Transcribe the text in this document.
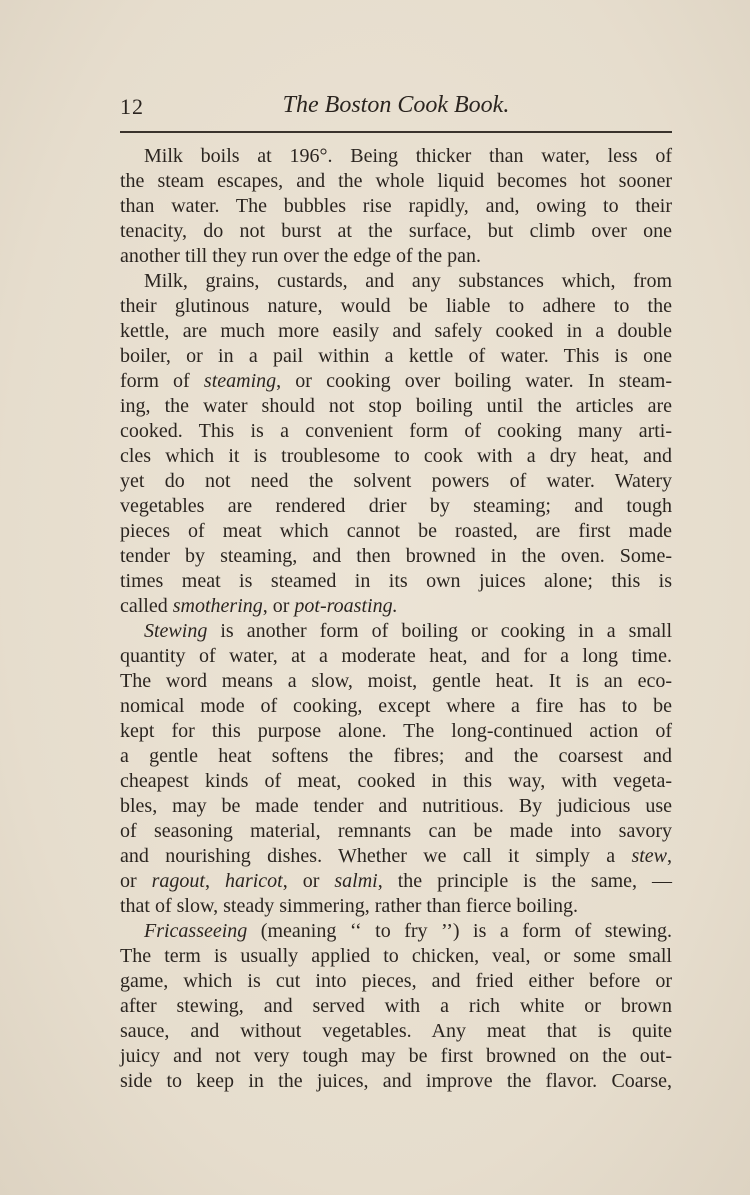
12	The Boston Cook Book.
Milk boils at 196°. Being thicker than water, less of
the steam escapes, and the whole liquid becomes hot sooner
than water. The bubbles rise rapidly, and, owing to their
tenacity, do not burst at the surface, but climb over one
another till they run over the edge of the pan.
Milk, grains, custards, and any substances which, from
their glutinous nature, would be liable to adhere to the
kettle, are much more easily and safely cooked in a double
boiler, or in a pail within a kettle of water. This is one
form of steaming, or cooking over boiling water. In steam-
ing, the water should not stop boiling until the articles are
cooked. This is a convenient form of cooking many arti-
cles which it is troublesome to cook with a dry heat, and
yet do not need the solvent powers of water. Watery
vegetables are rendered drier by steaming; and tough
pieces of meat which cannot be roasted, are first made
tender by steaming, and then browned in the oven. Some-
times meat is steamed in its own juices alone; this is
called smothering, or pot-roasting.
Stewing is another form of boiling or cooking in a small
quantity of water, at a moderate heat, and for a long time.
The word means a slow, moist, gentle heat. It is an eco-
nomical mode of cooking, except where a fire has to be
kept for this purpose alone. The long-continued action of
a gentle heat softens the fibres; and the coarsest and
cheapest kinds of meat, cooked in this way, with vegeta-
bles, may be made tender and nutritious. By judicious use
of seasoning material, remnants can be made into savory
and nourishing dishes. Whether we call it simply a stew,
or ragout, haricot, or salmi, the principle is the same, —
that of slow, steady simmering, rather than fierce boiling.
Fricasseeing (meaning ‘‘ to fry ’’) is a form of stewing.
The term is usually applied to chicken, veal, or some small
game, which is cut into pieces, and fried either before or
after stewing, and served with a rich white or brown
sauce, and without vegetables. Any meat that is quite
juicy and not very tough may be first browned on the out-
side to keep in the juices, and improve the flavor. Coarse,
